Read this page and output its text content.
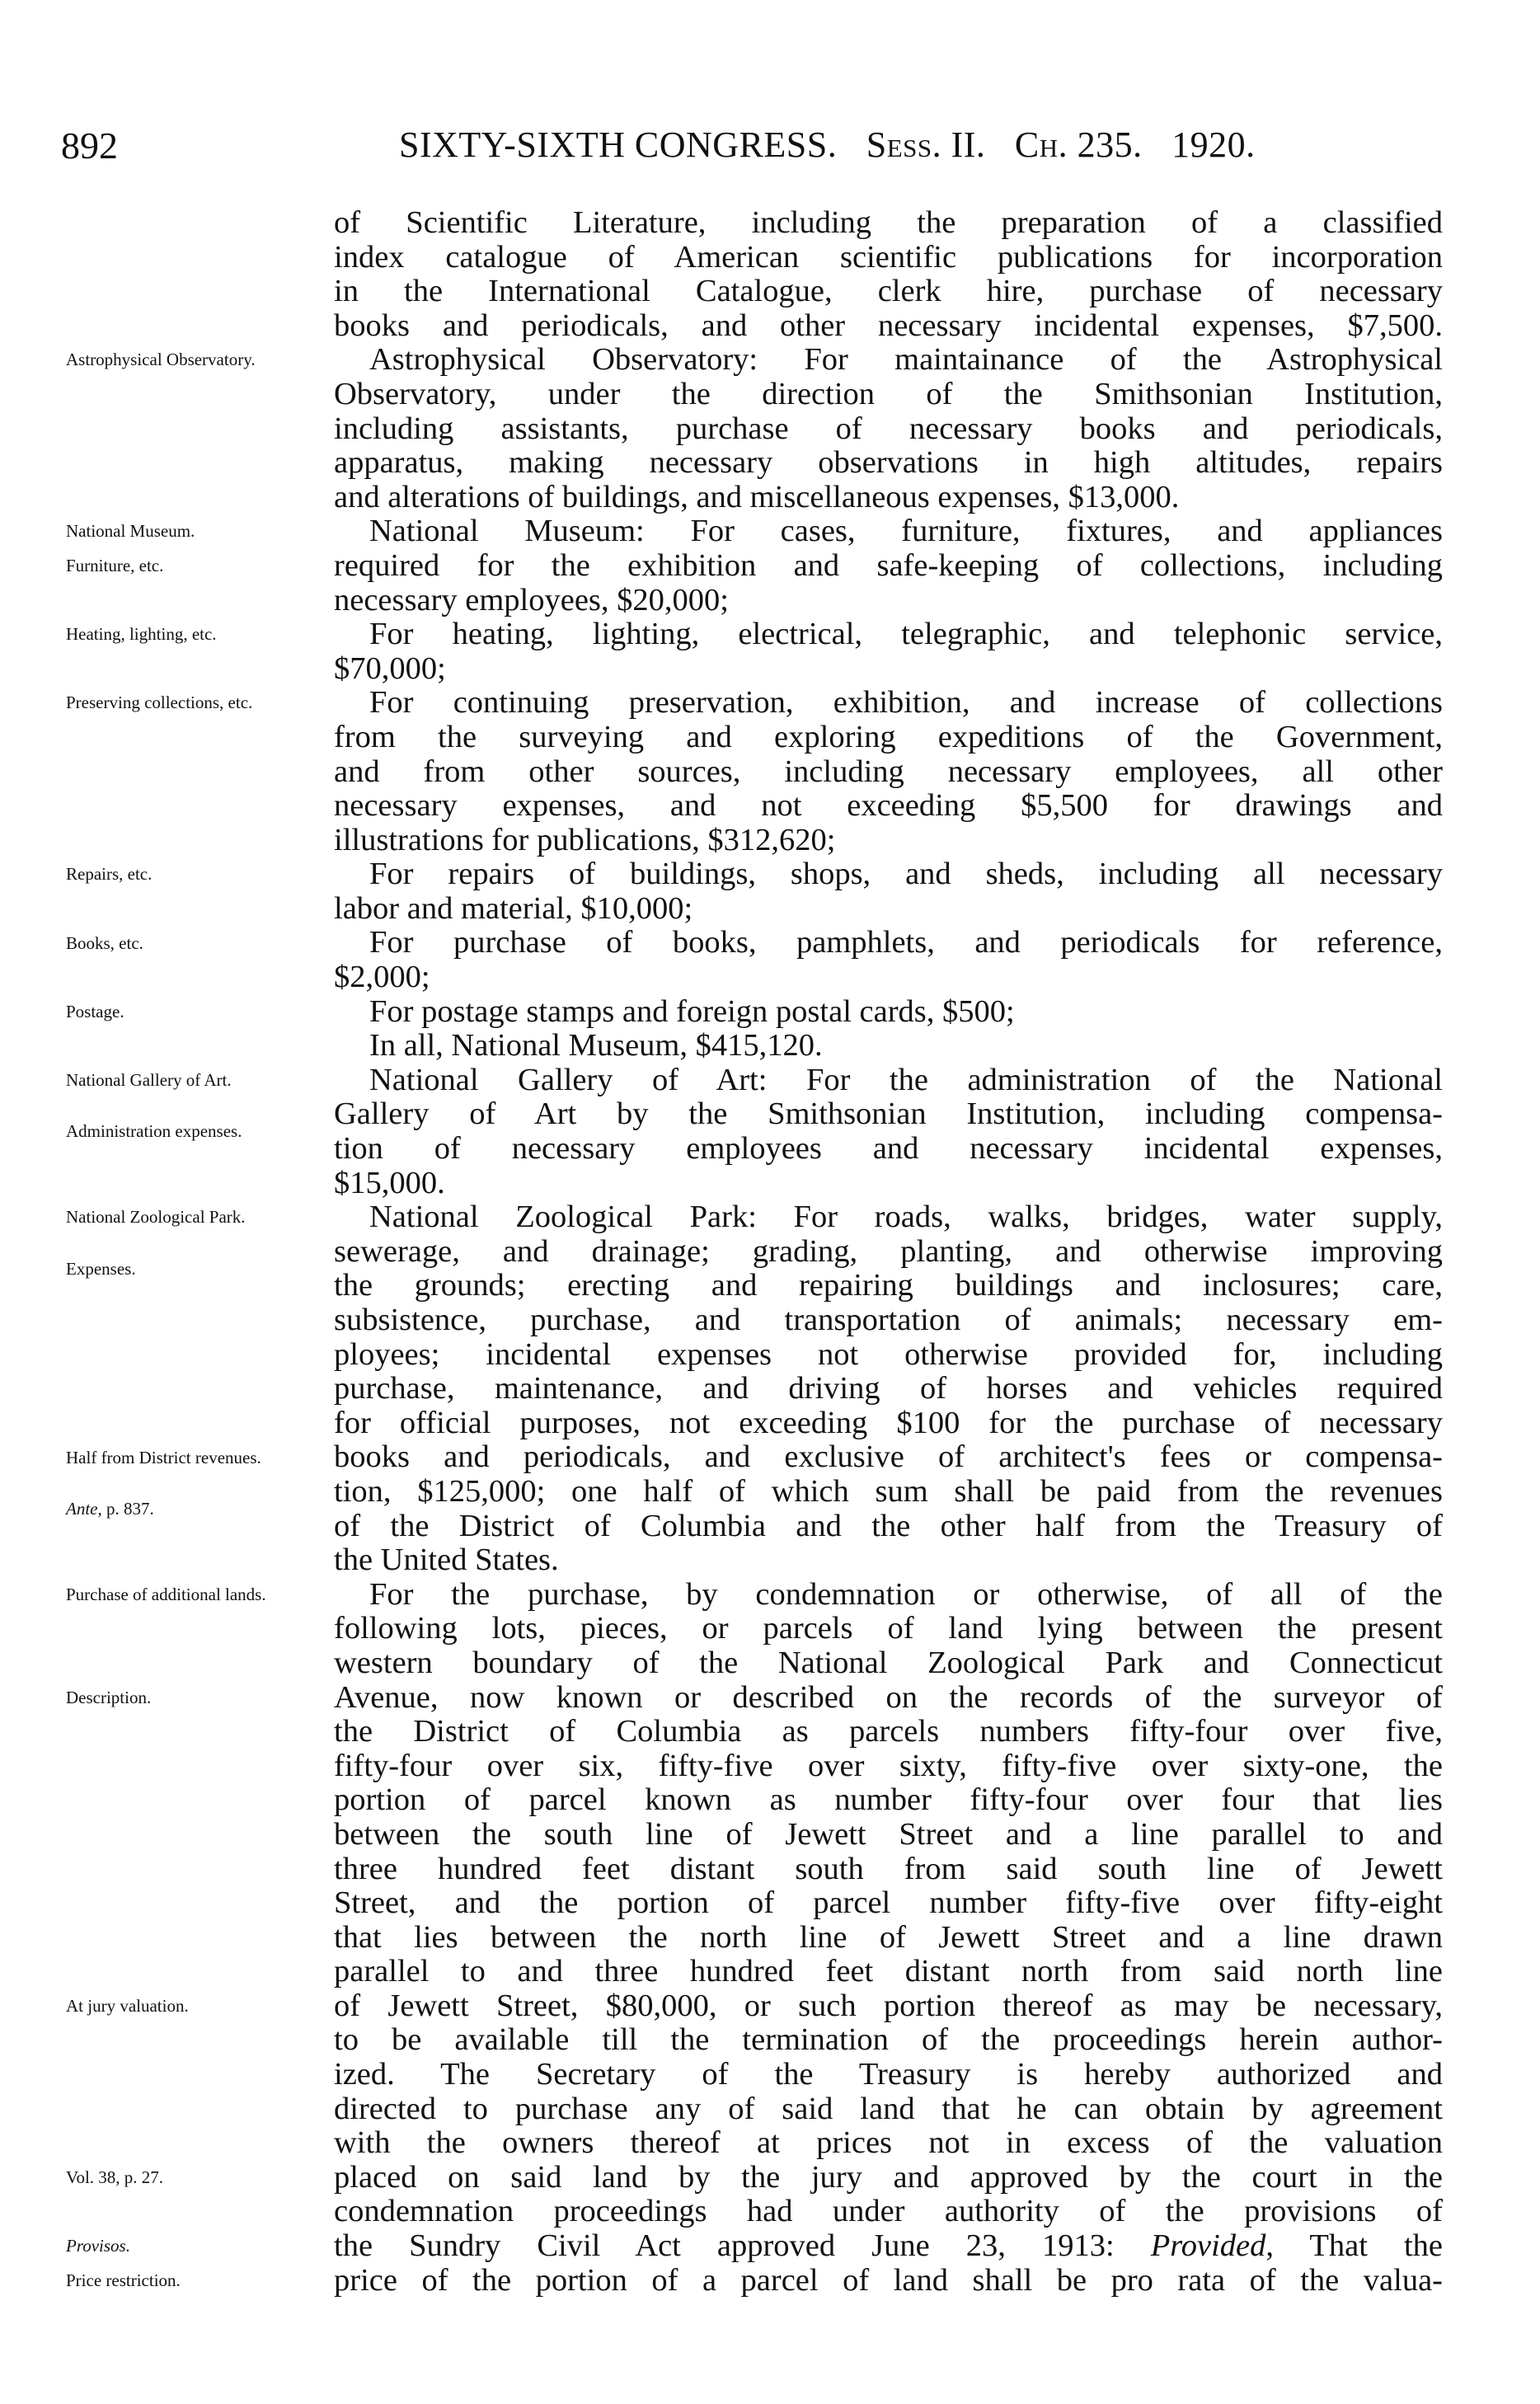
892	SIXTY-SIXTH CONGRESS. Sess. II. Ch. 235. 1920.
Astrophysical Observatory.
National Museum.
Furniture, etc.
Heating, lighting, etc.
Preserving collections, etc.
Repairs, etc.
Books, etc.
Postage.
National Gallery of Art.
Administration expenses.
National Zoological Park.
Expenses.
Half from District revenues.
Ante, p. 837.
Purchase of additional lands.
Description.
At jury valuation.
Vol. 38, p. 27.
Provisos.
Price restriction.
of Scientific Literature, including the preparation of a classified
index catalogue of American scientific publications for incorporation
in the International Catalogue, clerk hire, purchase of necessary
books and periodicals, and other necessary incidental expenses, $7,500.
Astrophysical Observatory: For maintainance of the Astrophysical
Observatory, under the direction of the Smithsonian Institution,
including assistants, purchase of necessary books and periodicals,
apparatus, making necessary observations in high altitudes, repairs
and alterations of buildings, and miscellaneous expenses, $13,000.
National Museum: For cases, furniture, fixtures, and appliances
required for the exhibition and safe-keeping of collections, including
necessary employees, $20,000;
For heating, lighting, electrical, telegraphic, and telephonic service,
$70,000;
For continuing preservation, exhibition, and increase of collections
from the surveying and exploring expeditions of the Government,
and from other sources, including necessary employees, all other
necessary expenses, and not exceeding $5,500 for drawings and
illustrations for publications, $312,620;
For repairs of buildings, shops, and sheds, including all necessary
labor and material, $10,000;
For purchase of books, pamphlets, and periodicals for reference,
$2,000;
For postage stamps and foreign postal cards, $500;
In all, National Museum, $415,120.
National Gallery of Art: For the administration of the National
Gallery of Art by the Smithsonian Institution, including compensa-
tion of necessary employees and necessary incidental expenses,
$15,000.
National Zoological Park: For roads, walks, bridges, water supply,
sewerage, and drainage; grading, planting, and otherwise improving
the grounds; erecting and repairing buildings and inclosures; care,
subsistence, purchase, and transportation of animals; necessary em-
ployees; incidental expenses not otherwise provided for, including
purchase, maintenance, and driving of horses and vehicles required
for official purposes, not exceeding $100 for the purchase of necessary
books and periodicals, and exclusive of architect's fees or compensa-
tion, $125,000; one half of which sum shall be paid from the revenues
of the District of Columbia and the other half from the Treasury of
the United States.
For the purchase, by condemnation or otherwise, of all of the
following lots, pieces, or parcels of land lying between the present
western boundary of the National Zoological Park and Connecticut
Avenue, now known or described on the records of the surveyor of
the District of Columbia as parcels numbers fifty-four over five,
fifty-four over six, fifty-five over sixty, fifty-five over sixty-one, the
portion of parcel known as number fifty-four over four that lies
between the south line of Jewett Street and a line parallel to and
three hundred feet distant south from said south line of Jewett
Street, and the portion of parcel number fifty-five over fifty-eight
that lies between the north line of Jewett Street and a line drawn
parallel to and three hundred feet distant north from said north line
of Jewett Street, $80,000, or such portion thereof as may be necessary,
to be available till the termination of the proceedings herein author-
ized. The Secretary of the Treasury is hereby authorized and
directed to purchase any of said land that he can obtain by agreement
with the owners thereof at prices not in excess of the valuation
placed on said land by the jury and approved by the court in the
condemnation proceedings had under authority of the provisions of
the Sundry Civil Act approved June 23, 1913: Provided, That the
price of the portion of a parcel of land shall be pro rata of the valua-
